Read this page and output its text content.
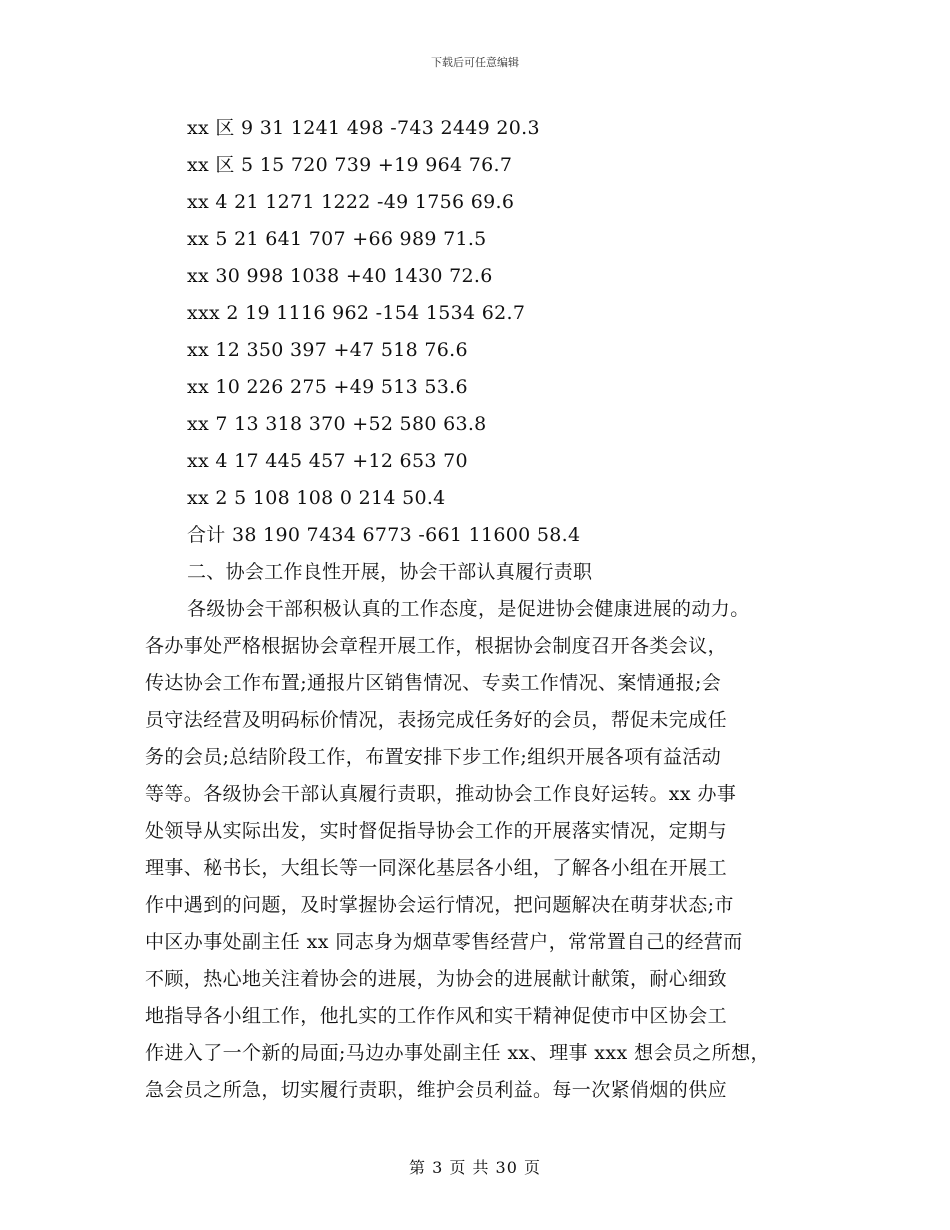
下载后可任意编辑
xx 区 9 31 1241 498 -743 2449 20.3
xx 区 5 15 720 739 +19 964 76.7
xx 4 21 1271 1222 -49 1756 69.6
xx 5 21 641 707 +66 989 71.5
xx 30 998 1038 +40 1430 72.6
xxx 2 19 1116 962 -154 1534 62.7
xx 12 350 397 +47 518 76.6
xx 10 226 275 +49 513 53.6
xx 7 13 318 370 +52 580 63.8
xx 4 17 445 457 +12 653 70
xx 2 5 108 108 0 214 50.4
合计 38 190 7434 6773 -661 11600 58.4
二、协会工作良性开展，协会干部认真履行责职
各级协会干部积极认真的工作态度，是促进协会健康进展的动力。
各办事处严格根据协会章程开展工作，根据协会制度召开各类会议，
传达协会工作布置;通报片区销售情况、专卖工作情况、案情通报;会
员守法经营及明码标价情况，表扬完成任务好的会员，帮促未完成任
务的会员;总结阶段工作，布置安排下步工作;组织开展各项有益活动
等等。各级协会干部认真履行责职，推动协会工作良好运转。xx 办事
处领导从实际出发，实时督促指导协会工作的开展落实情况，定期与
理事、秘书长，大组长等一同深化基层各小组，了解各小组在开展工
作中遇到的问题，及时掌握协会运行情况，把问题解决在萌芽状态;市
中区办事处副主任 xx 同志身为烟草零售经营户，常常置自己的经营而
不顾，热心地关注着协会的进展，为协会的进展献计献策，耐心细致
地指导各小组工作，他扎实的工作作风和实干精神促使市中区协会工
作进入了一个新的局面;马边办事处副主任 xx、理事 xxx 想会员之所想，
急会员之所急，切实履行责职，维护会员利益。每一次紧俏烟的供应
第 3 页 共 30 页
